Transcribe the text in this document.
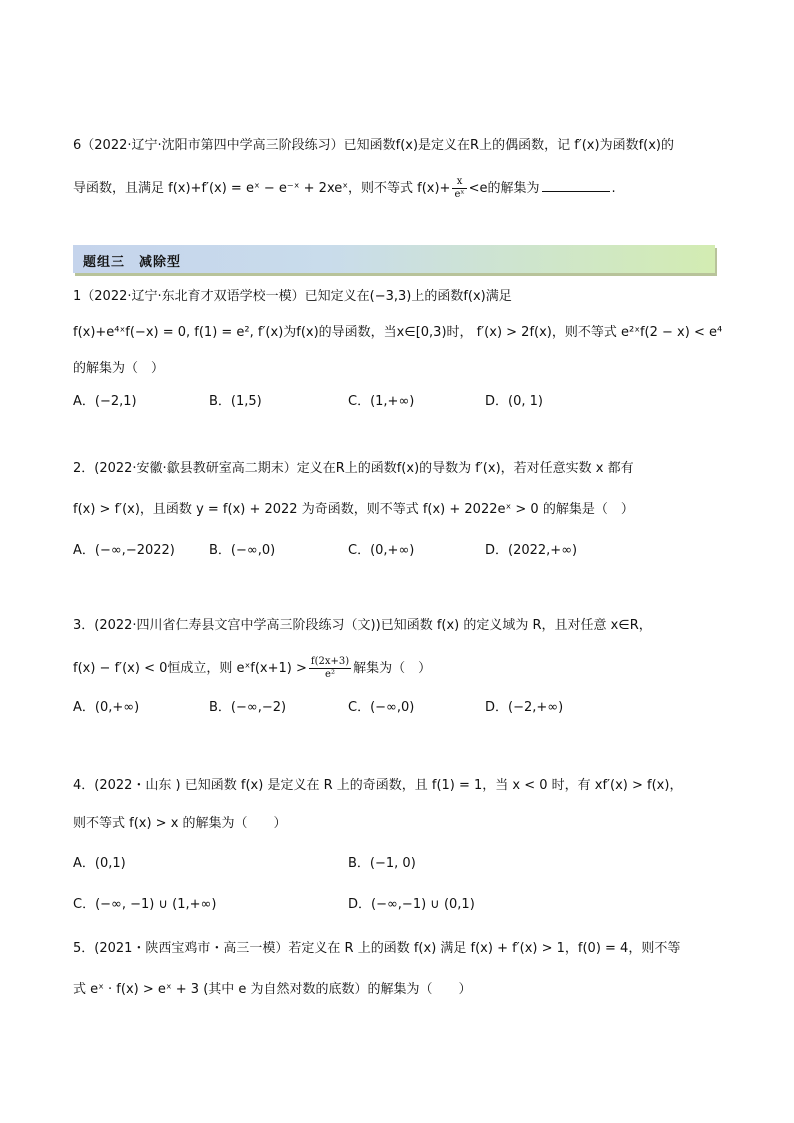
6（2022·辽宁·沈阳市第四中学高三阶段练习）已知函数f(x)是定义在R上的偶函数，记 f′(x)为函数f(x)的
导函数，且满足 f(x)+f′(x) = eˣ − e⁻ˣ + 2xeˣ，则不等式 $f(x)+ \frac{x}{\text{eˣ}} <e$的解集为	.
题组三　减除型
1（2022·辽宁·东北育才双语学校一模）已知定义在(−3,3)上的函数f(x)满足
f(x)+e⁴ˣf(−x) = 0, f(1) = e², f′(x)为f(x)的导函数，当x∈[0,3)时， f′(x) > 2f(x)，则不等式 e²ˣf(2 − x) < e⁴
的解集为（　）
A．(−2,1)	B．(1,5)	C．(1,+∞)	D．(0, 1)
2．(2022·安徽·歙县教研室高二期末）定义在R上的函数f(x)的导数为 f′(x)，若对任意实数 x 都有
f(x) > f′(x)，且函数 y = f(x) + 2022 为奇函数，则不等式 f(x) + 2022eˣ > 0 的解集是（　）
A．(−∞,−2022)	B．(−∞,0)	C．(0,+∞)	D．(2022,+∞)
3．(2022·四川省仁寿县文宫中学高三阶段练习（文))已知函数 f(x) 的定义域为 R，且对任意 x∈R，
f(x) − f′(x) < 0恒成立，则 eˣf(x+1) > $\frac{f(2x+3)}{\text{e²}}$ 解集为（　）
A．(0,+∞)	B．(−∞,−2)	C．(−∞,0)	D．(−2,+∞)
4．(2022・山东 ) 已知函数 f(x) 是定义在 R 上的奇函数，且 f(1) = 1，当 x < 0 时，有 xf′(x) > f(x)，
则不等式 f(x) > x 的解集为（　　）
A．(0,1)	B．(−1, 0)
C．(−∞, −1) ∪ (1,+∞)	D．(−∞,−1) ∪ (0,1)
5．(2021・陕西宝鸡市・高三一模）若定义在 R 上的函数 f(x) 满足 f(x) + f′(x) > 1，f(0) = 4，则不等
式 eˣ · f(x) > eˣ + 3 (其中 e 为自然对数的底数）的解集为（　　）
